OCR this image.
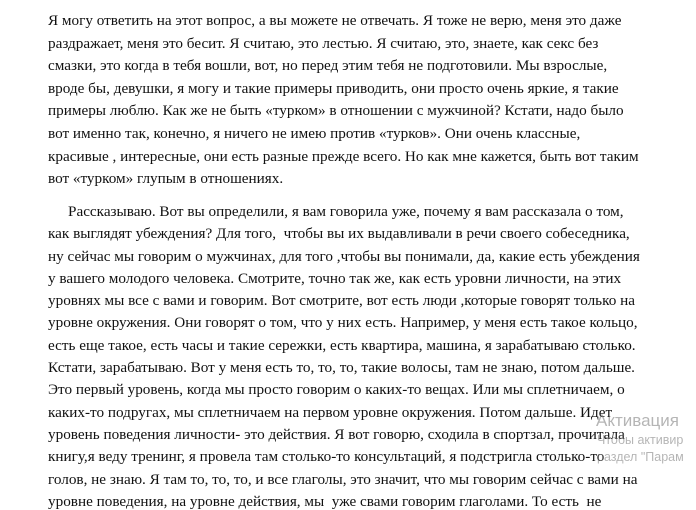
Я могу ответить на этот вопрос, а вы можете не отвечать. Я тоже не верю, меня это даже
раздражает, меня это бесит. Я считаю, это лестью. Я считаю, это, знаете, как секс без
смазки, это когда в тебя вошли, вот, но перед этим тебя не подготовили. Мы взрослые,
вроде бы, девушки, я могу и такие примеры приводить, они просто очень яркие, я такие
примеры люблю. Как же не быть «турком» в отношении с мужчиной? Кстати, надо было
вот именно так, конечно, я ничего не имею против «турков». Они очень классные,
красивые , интересные, они есть разные прежде всего. Но как мне кажется, быть вот таким
вот «турком» глупым в отношениях.

Рассказываю. Вот вы определили, я вам говорила уже, почему я вам рассказала о том,
как выглядят убеждения? Для того,  чтобы вы их выдавливали в речи своего собеседника,
ну сейчас мы говорим о мужчинах, для того ,чтобы вы понимали, да, какие есть убеждения
у вашего молодого человека. Смотрите, точно так же, как есть уровни личности, на этих
уровнях мы все с вами и говорим. Вот смотрите, вот есть люди ,которые говорят только на
уровне окружения. Они говорят о том, что у них есть. Например, у меня есть такое кольцо,
есть еще такое, есть часы и такие сережки, есть квартира, машина, я зарабатываю столько.
Кстати, зарабатываю. Вот у меня есть то, то, то, такие волосы, там не знаю, потом дальше.
Это первый уровень, когда мы просто говорим о каких-то вещах. Или мы сплетничаем, о
каких-то подругах, мы сплетничаем на первом уровне окружения. Потом дальше. Идет
уровень поведения личности- это действия. Я вот говорю, сходила в спортзал, прочитала
книгу,я веду тренинг, я провела там столько-то консультаций, я подстригла столько-то
голов, не знаю. Я там то, то, то, и все глаголы, это значит, что мы говорим сейчас с вами на
уровне поведения, на уровне действия, мы  уже свами говорим глаголами. То есть  не

Активация
Чтобы активир
раздел "Парам
